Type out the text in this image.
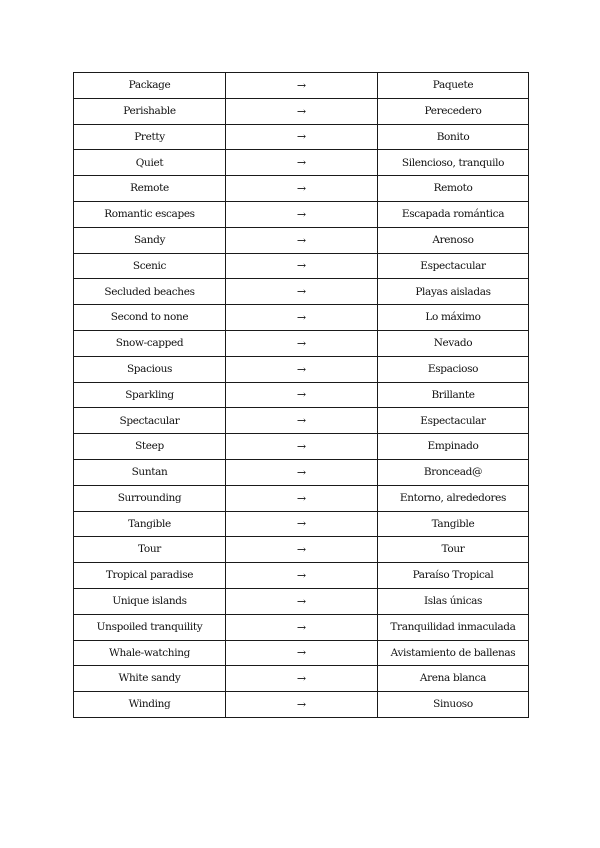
Package	→	Paquete
Perishable	→	Perecedero
Pretty	→	Bonito
Quiet	→	Silencioso, tranquilo
Remote	→	Remoto
Romantic escapes	→	Escapada romántica
Sandy	→	Arenoso
Scenic	→	Espectacular
Secluded beaches	→	Playas aisladas
Second to none	→	Lo máximo
Snow-capped	→	Nevado
Spacious	→	Espacioso
Sparkling	→	Brillante
Spectacular	→	Espectacular
Steep	→	Empinado
Suntan	→	Broncead@
Surrounding	→	Entorno, alrededores
Tangible	→	Tangible
Tour	→	Tour
Tropical paradise	→	Paraíso Tropical
Unique islands	→	Islas únicas
Unspoiled tranquility	→	Tranquilidad inmaculada
Whale-watching	→	Avistamiento de ballenas
White sandy	→	Arena blanca
Winding	→	Sinuoso
